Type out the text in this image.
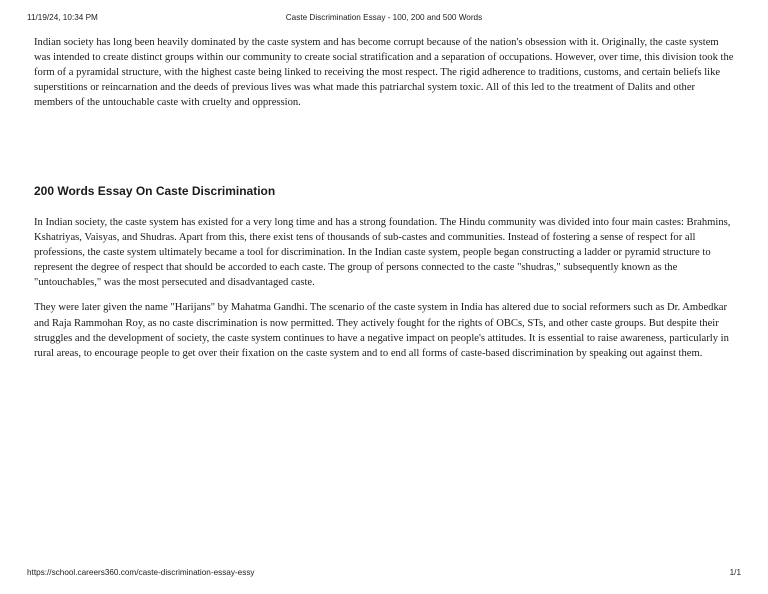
11/19/24, 10:34 PM	Caste Discrimination Essay - 100, 200 and 500 Words

Indian society has long been heavily dominated by the caste system and has become corrupt because of the nation's obsession with it. Originally, the caste system was intended to create distinct groups within our community to create social stratification and a separation of occupations. However, over time, this division took the form of a pyramidal structure, with the highest caste being linked to receiving the most respect. The rigid adherence to traditions, customs, and certain beliefs like superstitions or reincarnation and the deeds of previous lives was what made this patriarchal system toxic. All of this led to the treatment of Dalits and other members of the untouchable caste with cruelty and oppression.

200 Words Essay On Caste Discrimination

In Indian society, the caste system has existed for a very long time and has a strong foundation. The Hindu community was divided into four main castes: Brahmins, Kshatriyas, Vaisyas, and Shudras. Apart from this, there exist tens of thousands of sub-castes and communities. Instead of fostering a sense of respect for all professions, the caste system ultimately became a tool for discrimination. In the Indian caste system, people began constructing a ladder or pyramid structure to represent the degree of respect that should be accorded to each caste. The group of persons connected to the caste "shudras," subsequently known as the "untouchables," was the most persecuted and disadvantaged caste.

They were later given the name "Harijans" by Mahatma Gandhi. The scenario of the caste system in India has altered due to social reformers such as Dr. Ambedkar and Raja Rammohan Roy, as no caste discrimination is now permitted. They actively fought for the rights of OBCs, STs, and other caste groups. But despite their struggles and the development of society, the caste system continues to have a negative impact on people's attitudes. It is essential to raise awareness, particularly in rural areas, to encourage people to get over their fixation on the caste system and to end all forms of caste-based discrimination by speaking out against them.

https://school.careers360.com/caste-discrimination-essay-essy	1/1
